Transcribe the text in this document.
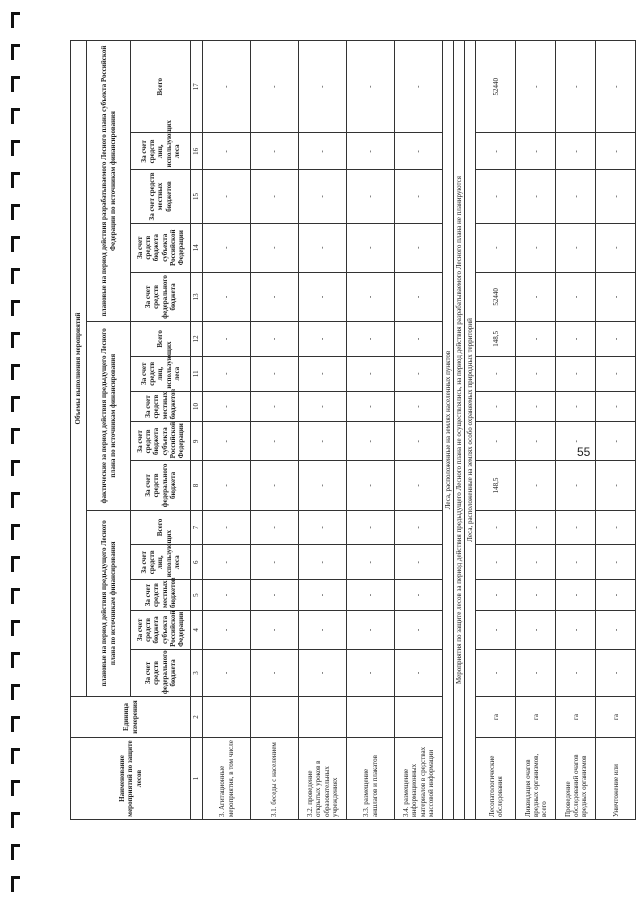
Наименование мероприятий по защите лесов	Единица измерения	Объемы выполнения мероприятий														
		плановые на период действия предыдущего Лесного плана по источникам финансирования					фактические за период действия предыдущего Лесного плана по источникам финансирования					плановые на период действия разрабатываемого Лесного плана субъекта Российской Федерации по источникам финансирования				
		За счет средств федерального бюджета	За счет средств бюджета субъекта Российской Федерации	За счет средств местных бюджетов	За счет средств лиц, использующих леса	Всего	За счет средств федерального бюджета	За счет средств бюджета субъекта Российской Федерации	За счет средств местных бюджетов	За счет средств лиц, использующих леса	Всего	За счет средств федерального бюджета	За счет средств бюджета субъекта Российской Федерации	За счет средств местных бюджетов	За счет средств лиц, использующих леса	Всего
1	2	3	4	5	6	7	8	9	10	11	12	13	14	15	16	17
3. Агитационные мероприятия, в том числе		-	-	-	-	-	-	-	-	-	-	-	-	-	-	-
3.1. беседы с населением		-	-	-	-	-	-	-	-	-	-	-	-	-	-	-
3.2. проведение открытых уроков в образовательных учреждениях		-	-	-	-	-	-	-	-	-	-	-	-	-	-	-
3.3. размещение аншлагов и плакатов		-	-	-	-	-	-	-	-	-	-	-	-	-	-	-
3.4. размещение информационных материалов в средствах массовой информации		-	-	-	-	-	-	-	-	-	-	-	-	-	-	-
Леса, расположенные на землях населенных пунктов																
Мероприятия по защите лесов за период действия предыдущего Лесного плана не осуществлялись, на период действия разрабатываемого Лесного плана не планируются																
Леса, расположенные на землях особо охраняемых природных территорий																
Лесопатологические обследования	га	-	-	-	-	-	148,5	-	-	-	148,5	52440	-	-	-	52440
Ликвидация очагов вредных организмов, всего	га	-	-	-	-	-	-	-	-	-	-	-	-	-	-	-
Проведение обследований очагов вредных организмов	га	-	-	-	-	-	-	-	-	-	-	-	-	-	-	-
Уничтожение или	га	-	-	-	-	-	-	-	-	-	-	-	-	-	-	-
55
